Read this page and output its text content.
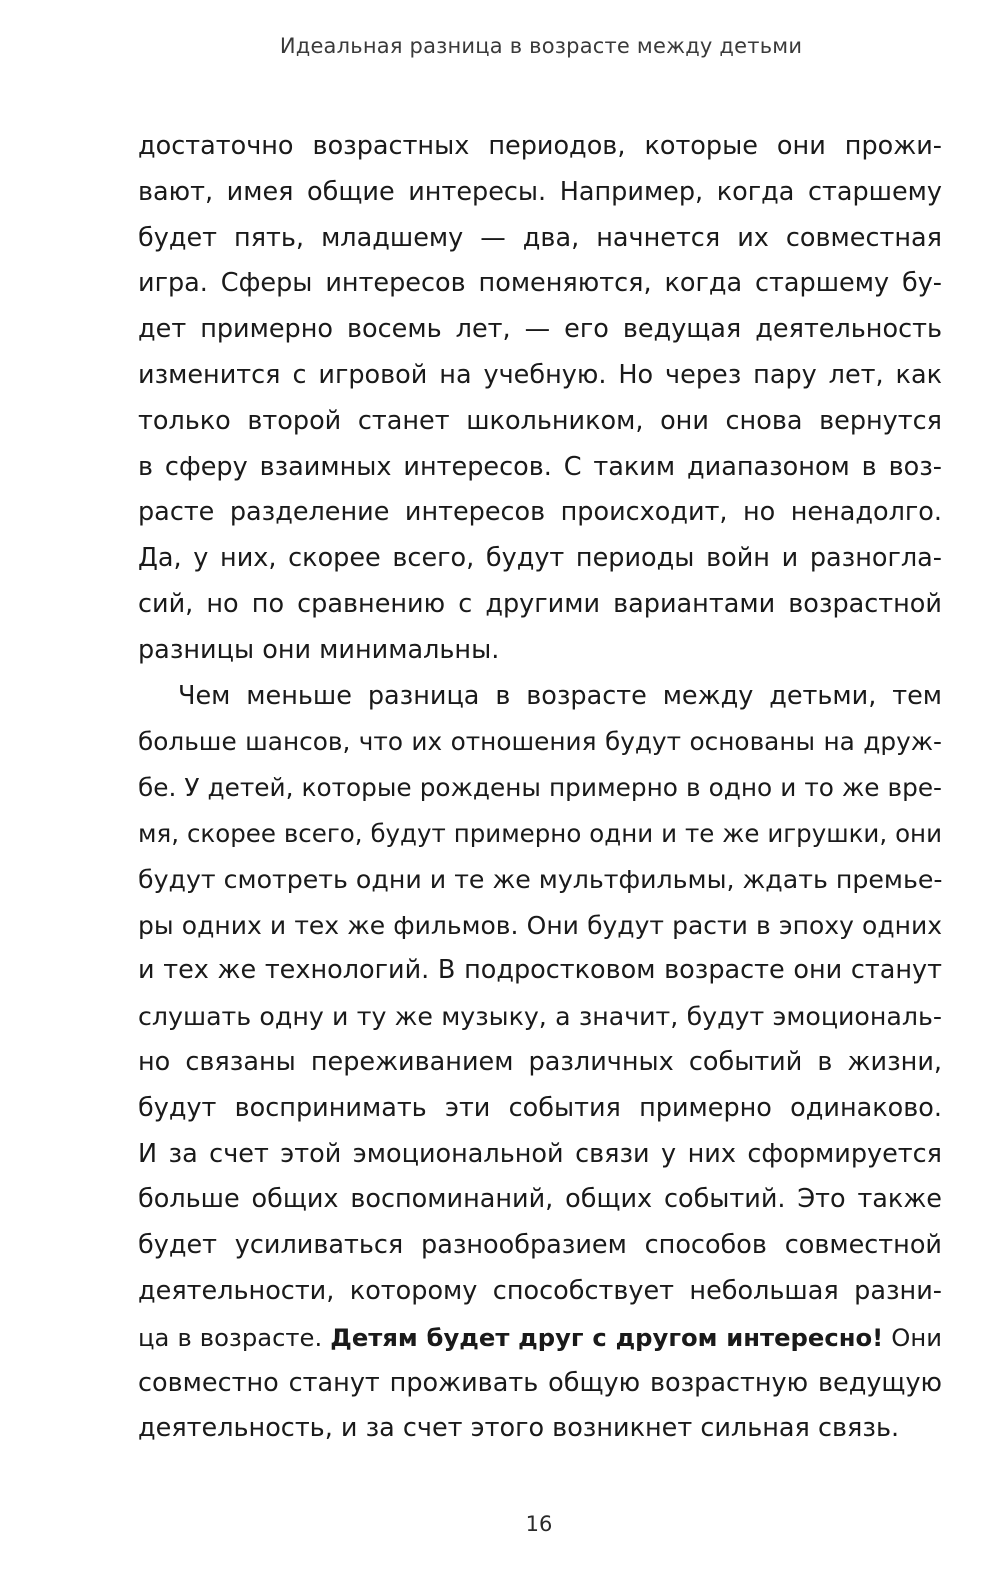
Идеальная разница в возрасте между детьми
достаточно возрастных периодов, которые они прожи-
вают, имея общие интересы. Например, когда старшему
будет пять, младшему — два, начнется их совместная
игра. Сферы интересов поменяются, когда старшему бу-
дет примерно восемь лет, — его ведущая деятельность
изменится с игровой на учебную. Но через пару лет, как
только второй станет школьником, они снова вернутся
в сферу взаимных интересов. С таким диапазоном в воз-
расте разделение интересов происходит, но ненадолго.
Да, у них, скорее всего, будут периоды войн и разногла-
сий, но по сравнению с другими вариантами возрастной
разницы они минимальны.
Чем меньше разница в возрасте между детьми, тем
больше шансов, что их отношения будут основаны на друж-
бе. У детей, которые рождены примерно в одно и то же вре-
мя, скорее всего, будут примерно одни и те же игрушки, они
будут смотреть одни и те же мультфильмы, ждать премье-
ры одних и тех же фильмов. Они будут расти в эпоху одних
и тех же технологий. В подростковом возрасте они станут
слушать одну и ту же музыку, а значит, будут эмоциональ-
но связаны переживанием различных событий в жизни,
будут воспринимать эти события примерно одинаково.
И за счет этой эмоциональной связи у них сформируется
больше общих воспоминаний, общих событий. Это также
будет усиливаться разнообразием способов совместной
деятельности, которому способствует небольшая разни-
ца в возрасте. Детям будет друг с другом интересно! Они
совместно станут проживать общую возрастную ведущую
деятельность, и за счет этого возникнет сильная связь.
16
